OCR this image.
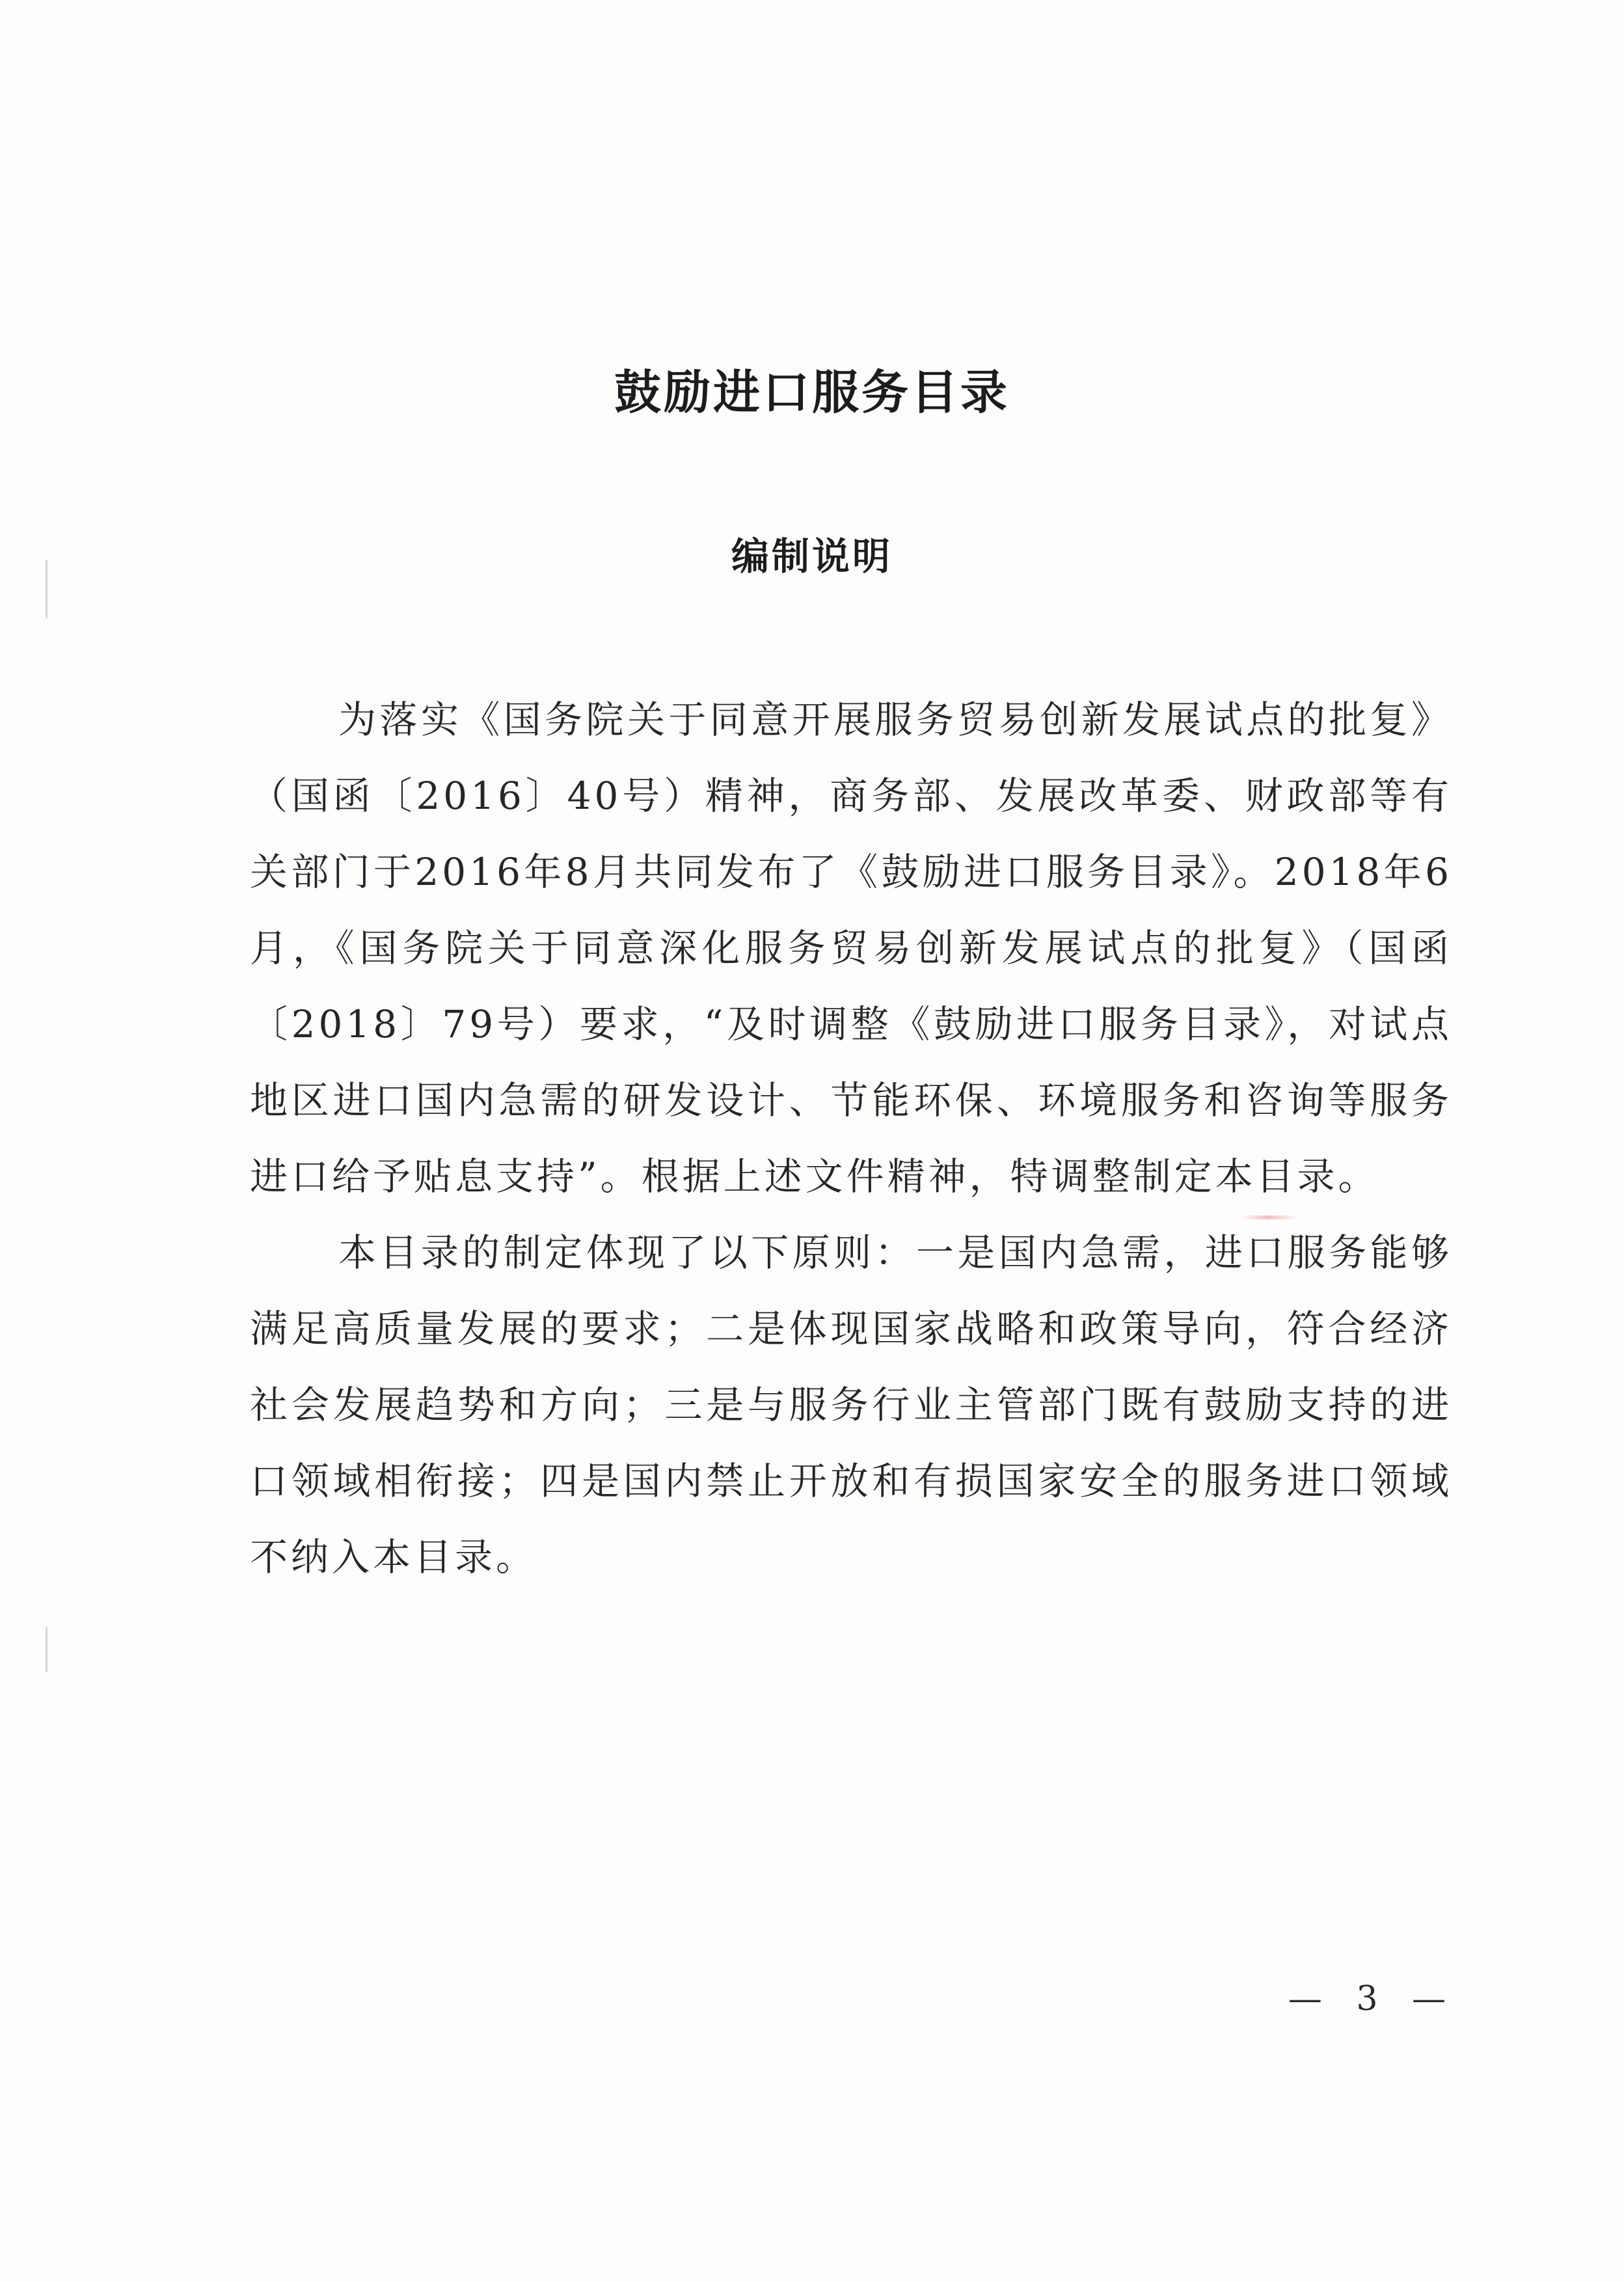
鼓励进口服务目录
编制说明

为落实《国务院关于同意开展服务贸易创新发展试点的批复》（国函〔2016〕40号）精神，商务部、发展改革委、财政部等有关部门于2016年8月共同发布了《鼓励进口服务目录》。2018年6月，《国务院关于同意深化服务贸易创新发展试点的批复》（国函〔2018〕79号）要求，“及时调整《鼓励进口服务目录》，对试点地区进口国内急需的研发设计、节能环保、环境服务和咨询等服务进口给予贴息支持”。根据上述文件精神，特调整制定本目录。

本目录的制定体现了以下原则：一是国内急需，进口服务能够满足高质量发展的要求；二是体现国家战略和政策导向，符合经济社会发展趋势和方向；三是与服务行业主管部门既有鼓励支持的进口领域相衔接；四是国内禁止开放和有损国家安全的服务进口领域不纳入本目录。

— 3 —
